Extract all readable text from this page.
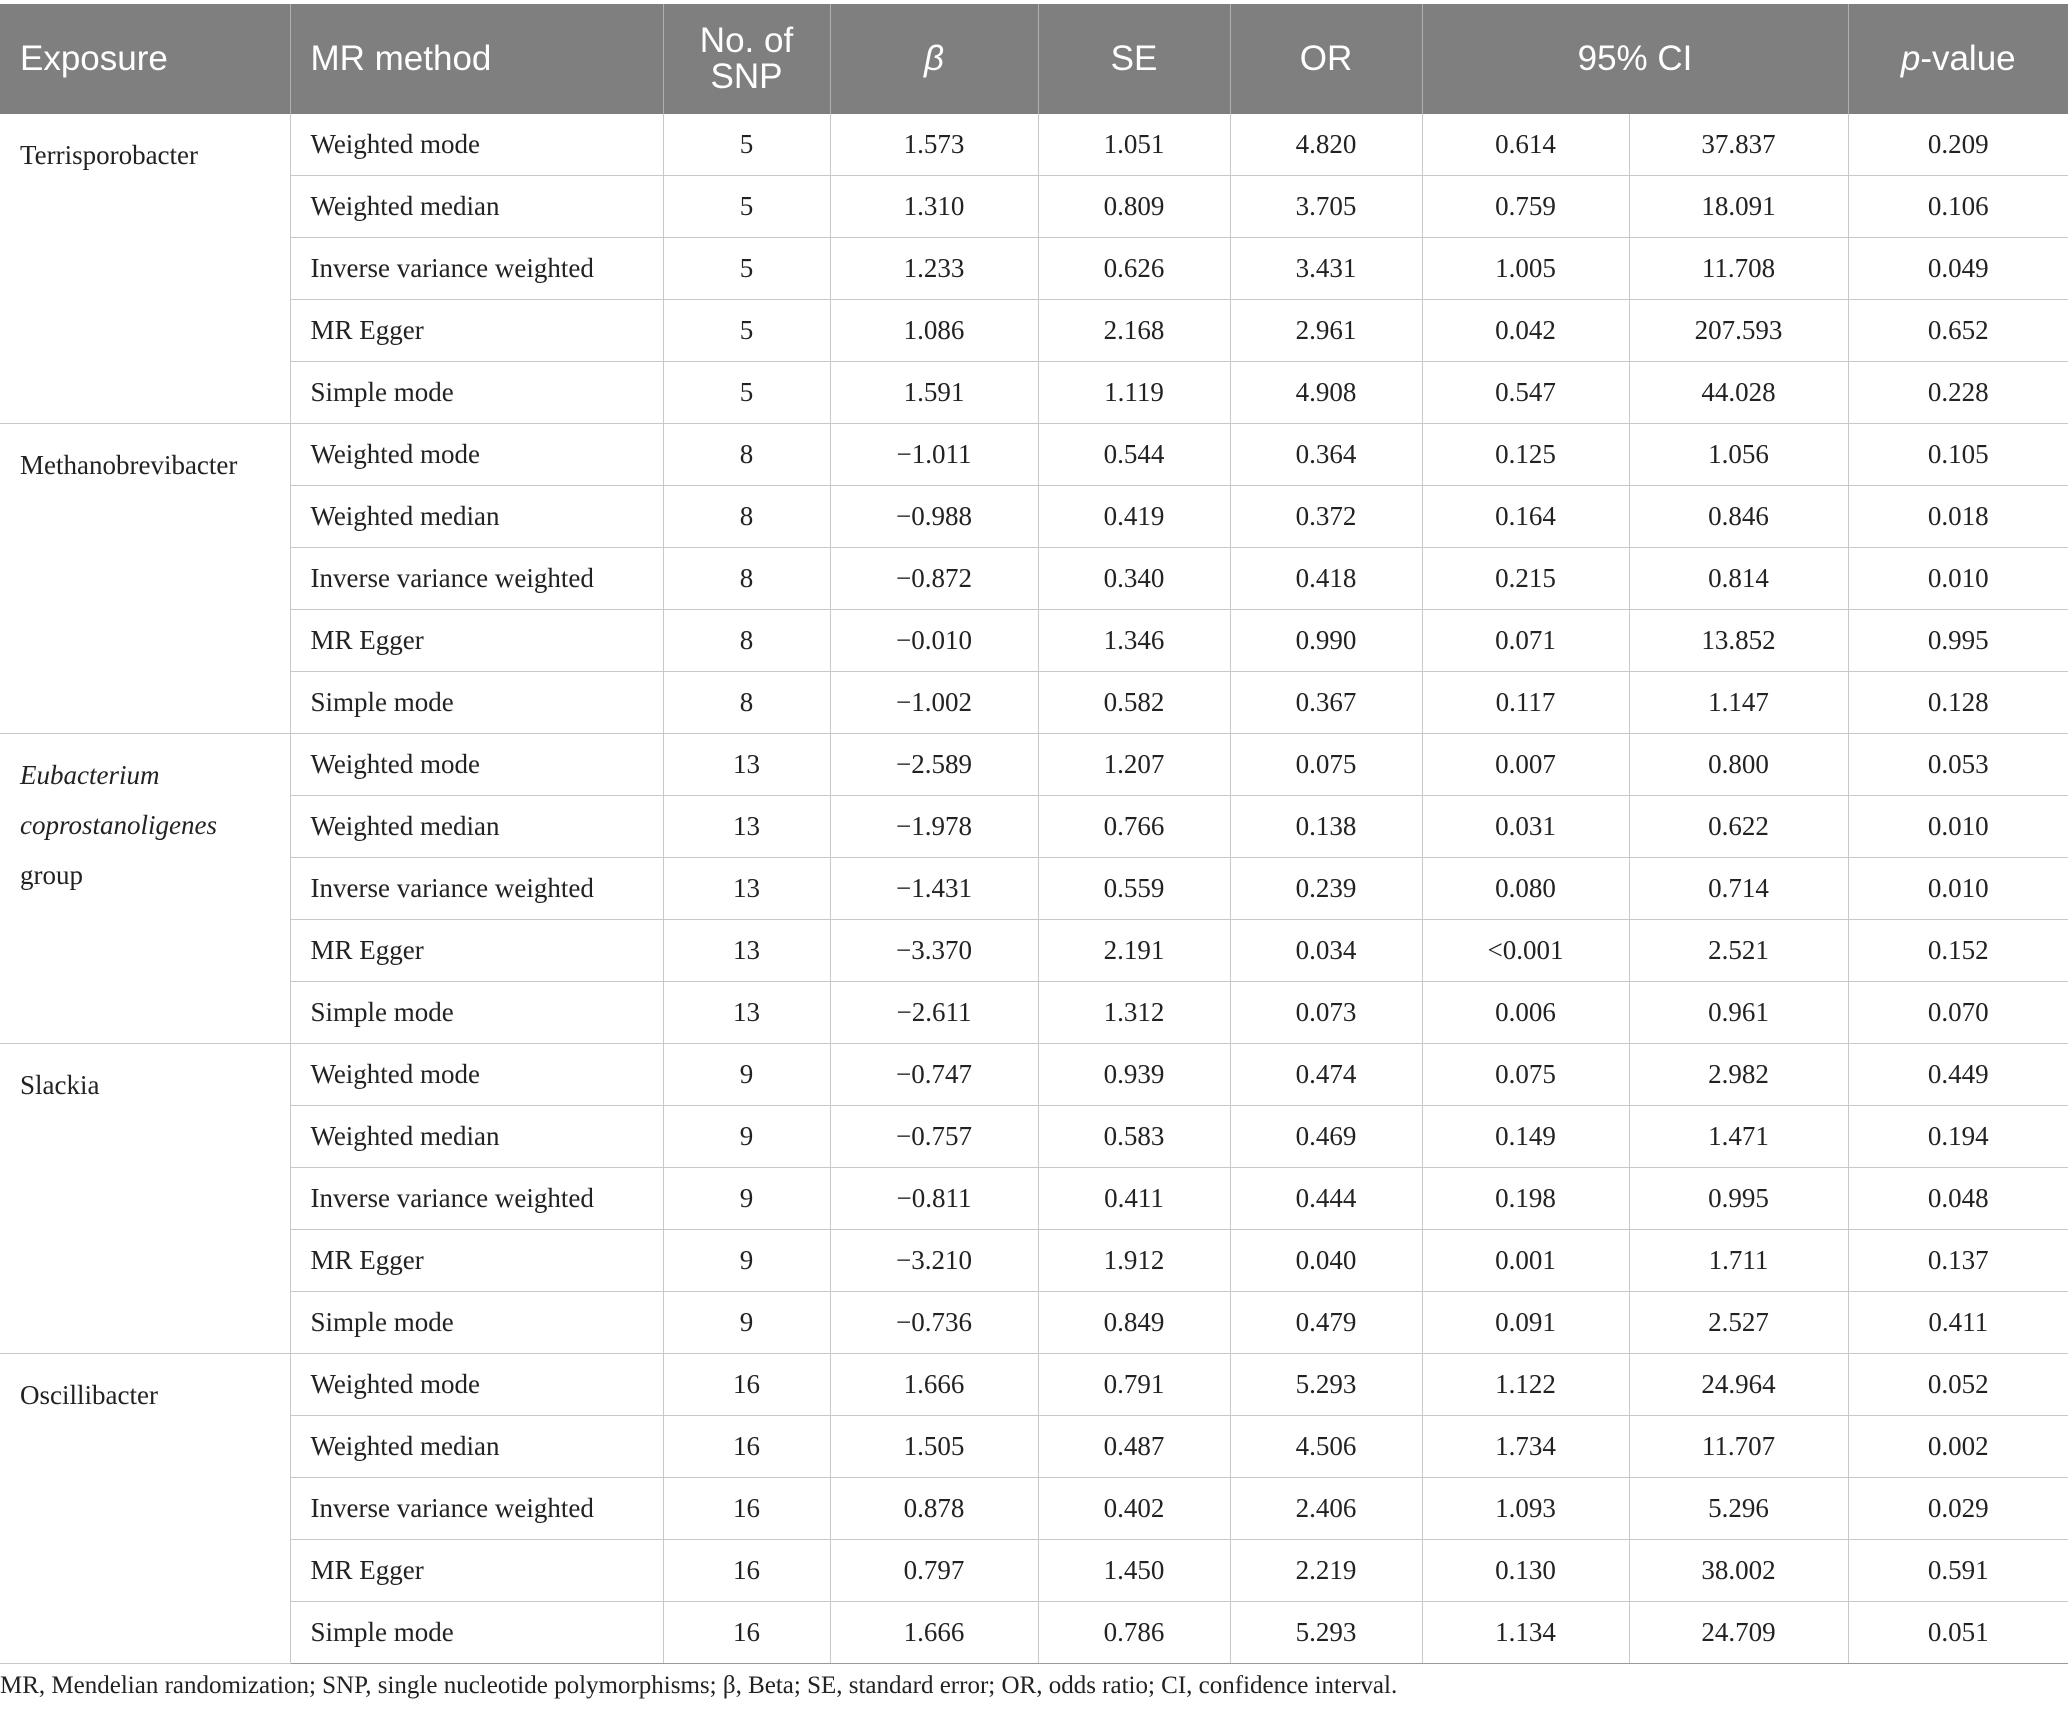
Exposure	MR method	No. of SNP	β	SE	OR	95% CI		p-value
Terrisporobacter	Weighted mode	5	1.573	1.051	4.820	0.614	37.837	0.209
	Weighted median	5	1.310	0.809	3.705	0.759	18.091	0.106
	Inverse variance weighted	5	1.233	0.626	3.431	1.005	11.708	0.049
	MR Egger	5	1.086	2.168	2.961	0.042	207.593	0.652
	Simple mode	5	1.591	1.119	4.908	0.547	44.028	0.228
Methanobrevibacter	Weighted mode	8	−1.011	0.544	0.364	0.125	1.056	0.105
	Weighted median	8	−0.988	0.419	0.372	0.164	0.846	0.018
	Inverse variance weighted	8	−0.872	0.340	0.418	0.215	0.814	0.010
	MR Egger	8	−0.010	1.346	0.990	0.071	13.852	0.995
	Simple mode	8	−1.002	0.582	0.367	0.117	1.147	0.128
Eubacterium coprostanoligenes group	Weighted mode	13	−2.589	1.207	0.075	0.007	0.800	0.053
	Weighted median	13	−1.978	0.766	0.138	0.031	0.622	0.010
	Inverse variance weighted	13	−1.431	0.559	0.239	0.080	0.714	0.010
	MR Egger	13	−3.370	2.191	0.034	<0.001	2.521	0.152
	Simple mode	13	−2.611	1.312	0.073	0.006	0.961	0.070
Slackia	Weighted mode	9	−0.747	0.939	0.474	0.075	2.982	0.449
	Weighted median	9	−0.757	0.583	0.469	0.149	1.471	0.194
	Inverse variance weighted	9	−0.811	0.411	0.444	0.198	0.995	0.048
	MR Egger	9	−3.210	1.912	0.040	0.001	1.711	0.137
	Simple mode	9	−0.736	0.849	0.479	0.091	2.527	0.411
Oscillibacter	Weighted mode	16	1.666	0.791	5.293	1.122	24.964	0.052
	Weighted median	16	1.505	0.487	4.506	1.734	11.707	0.002
	Inverse variance weighted	16	0.878	0.402	2.406	1.093	5.296	0.029
	MR Egger	16	0.797	1.450	2.219	0.130	38.002	0.591
	Simple mode	16	1.666	0.786	5.293	1.134	24.709	0.051
MR, Mendelian randomization; SNP, single nucleotide polymorphisms; β, Beta; SE, standard error; OR, odds ratio; CI, confidence interval.
